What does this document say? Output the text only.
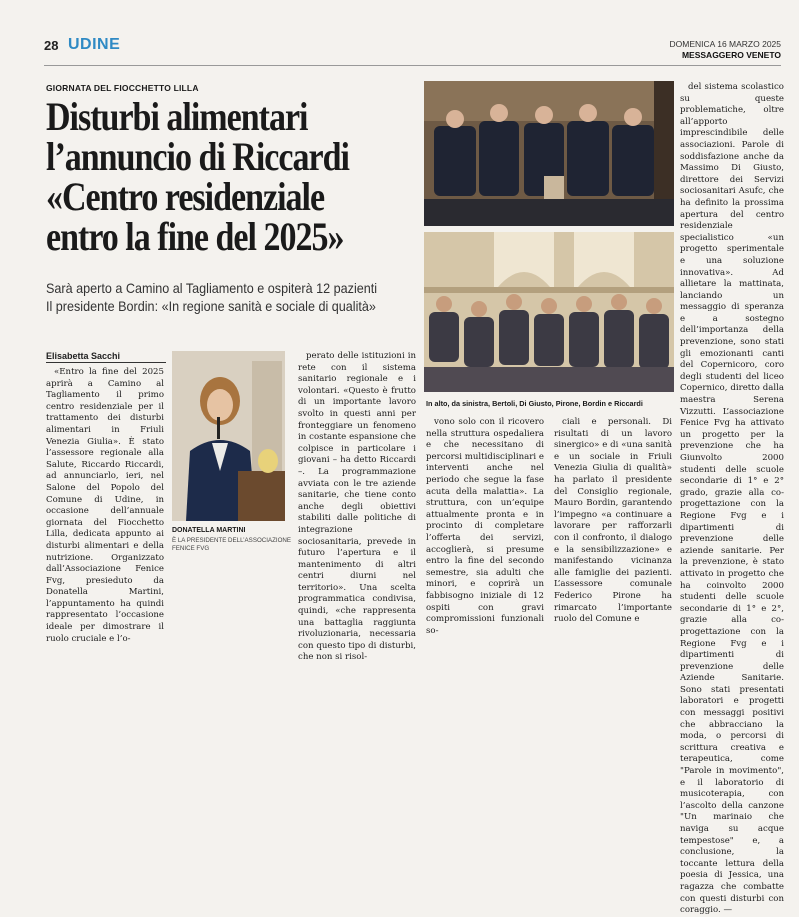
28 UDINE	DOMENICA 16 MARZO 2025
MESSAGGERO VENETO
GIORNATA DEL FIOCCHETTO LILLA
Disturbi alimentari
l’annuncio di Riccardi
«Centro residenziale
entro la fine del 2025»
Sarà aperto a Camino al Tagliamento e ospiterà 12 pazienti
Il presidente Bordin: «In regione sanità e sociale di qualità»
Elisabetta Sacchi

«Entro la fine del 2025 aprirà a Camino al Tagliamento il primo centro residenziale per il trattamento dei disturbi alimentari in Friuli Venezia Giulia». È stato l’assessore regionale alla Salute, Riccardo Riccardi, ad annunciarlo, ieri, nel Salone del Popolo del Comune di Udine, in occasione dell’annuale giornata del Fiocchetto Lilla, dedicata appunto ai disturbi alimentari e della nutrizione. Organizzato dall’Associazione Fenice Fvg, presieduto da Donatella Martini, l’appuntamento ha quindi rappresentato l’occasione ideale per dimostrare il ruolo cruciale e l’o-

DONATELLA MARTINI
È LA PRESIDENTE DELL’ASSOCIAZIONE FENICE FVG

perato delle istituzioni in rete con il sistema sanitario regionale e i volontari. «Questo è frutto di un importante lavoro svolto in questi anni per fronteggiare un fenomeno in costante espansione che colpisce in particolare i giovani – ha detto Riccardi –. La programmazione avviata con le tre aziende sanitarie, che tiene conto anche degli obiettivi stabiliti dalle politiche di integrazione sociosanitaria, prevede in futuro l’apertura e il mantenimento di altri centri diurni nel territorio». Una scelta programmatica condivisa, quindi, «che rappresenta una battaglia raggiunta rivoluzionaria, necessaria con questo tipo di disturbi, che non si risol-

In alto, da sinistra, Bertoli, Di Giusto, Pirone, Bordin e Riccardi

vono solo con il ricovero nella struttura ospedaliera e che necessitano di percorsi multidisciplinari e interventi anche nel periodo che segue la fase acuta della malattia». La struttura, con un’equipe attualmente pronta e in procinto di completare l’offerta dei servizi, accoglierà, si presume entro la fine del secondo semestre, sia adulti che minori, e coprirà un fabbisogno iniziale di 12 ospiti con gravi compromissioni funzionali so-

ciali e personali. Di risultati di un lavoro sinergico» e di «una sanità e un sociale in Friuli Venezia Giulia di qualità» ha parlato il presidente del Consiglio regionale, Mauro Bordin, garantendo l’impegno «a continuare a lavorare per rafforzarli con il confronto, il dialogo e la sensibilizzazione» e manifestando vicinanza alle famiglie dei pazienti. L’assessore comunale Federico Pirone ha rimarcato l’importante ruolo del Comune e

del sistema scolastico su queste problematiche, oltre all’apporto imprescindibile delle associazioni. Parole di soddisfazione anche da Massimo Di Giusto, direttore dei Servizi sociosanitari Asufc, che ha definito la prossima apertura del centro residenziale specialistico «un progetto sperimentale e una soluzione innovativa». Ad allietare la mattinata, lanciando un messaggio di speranza e a sostegno dell’importanza della prevenzione, sono stati gli emozionanti canti del Copernicoro, coro degli studenti del liceo Copernico, diretto dalla maestra Serena Vizzutti. L’associazione Fenice Fvg ha attivato un progetto per la prevenzione che ha Giunvolto 2000 studenti delle scuole secondarie di 1° e 2° grado, grazie alla co-progettazione con la Regione Fvg e i dipartimenti di prevenzione delle aziende sanitarie. Per la prevenzione, è stato attivato in progetto che ha coinvolto 2000 studenti delle scuole secondarie di 1° e 2°, grazie alla co-progettazione con la Regione Fvg e i dipartimenti di prevenzione delle Aziende Sanitarie. Sono stati presentati laboratori e progetti con messaggi positivi che abbracciano la moda, o percorsi di scrittura creativa e terapeutica, come "Parole in movimento", e il laboratorio di musicoterapia, con l’ascolto della canzone "Un marinaio che naviga su acque tempestose" e, a conclusione, la toccante lettura della poesia di Jessica, una ragazza che combatte con questi disturbi con coraggio. —
